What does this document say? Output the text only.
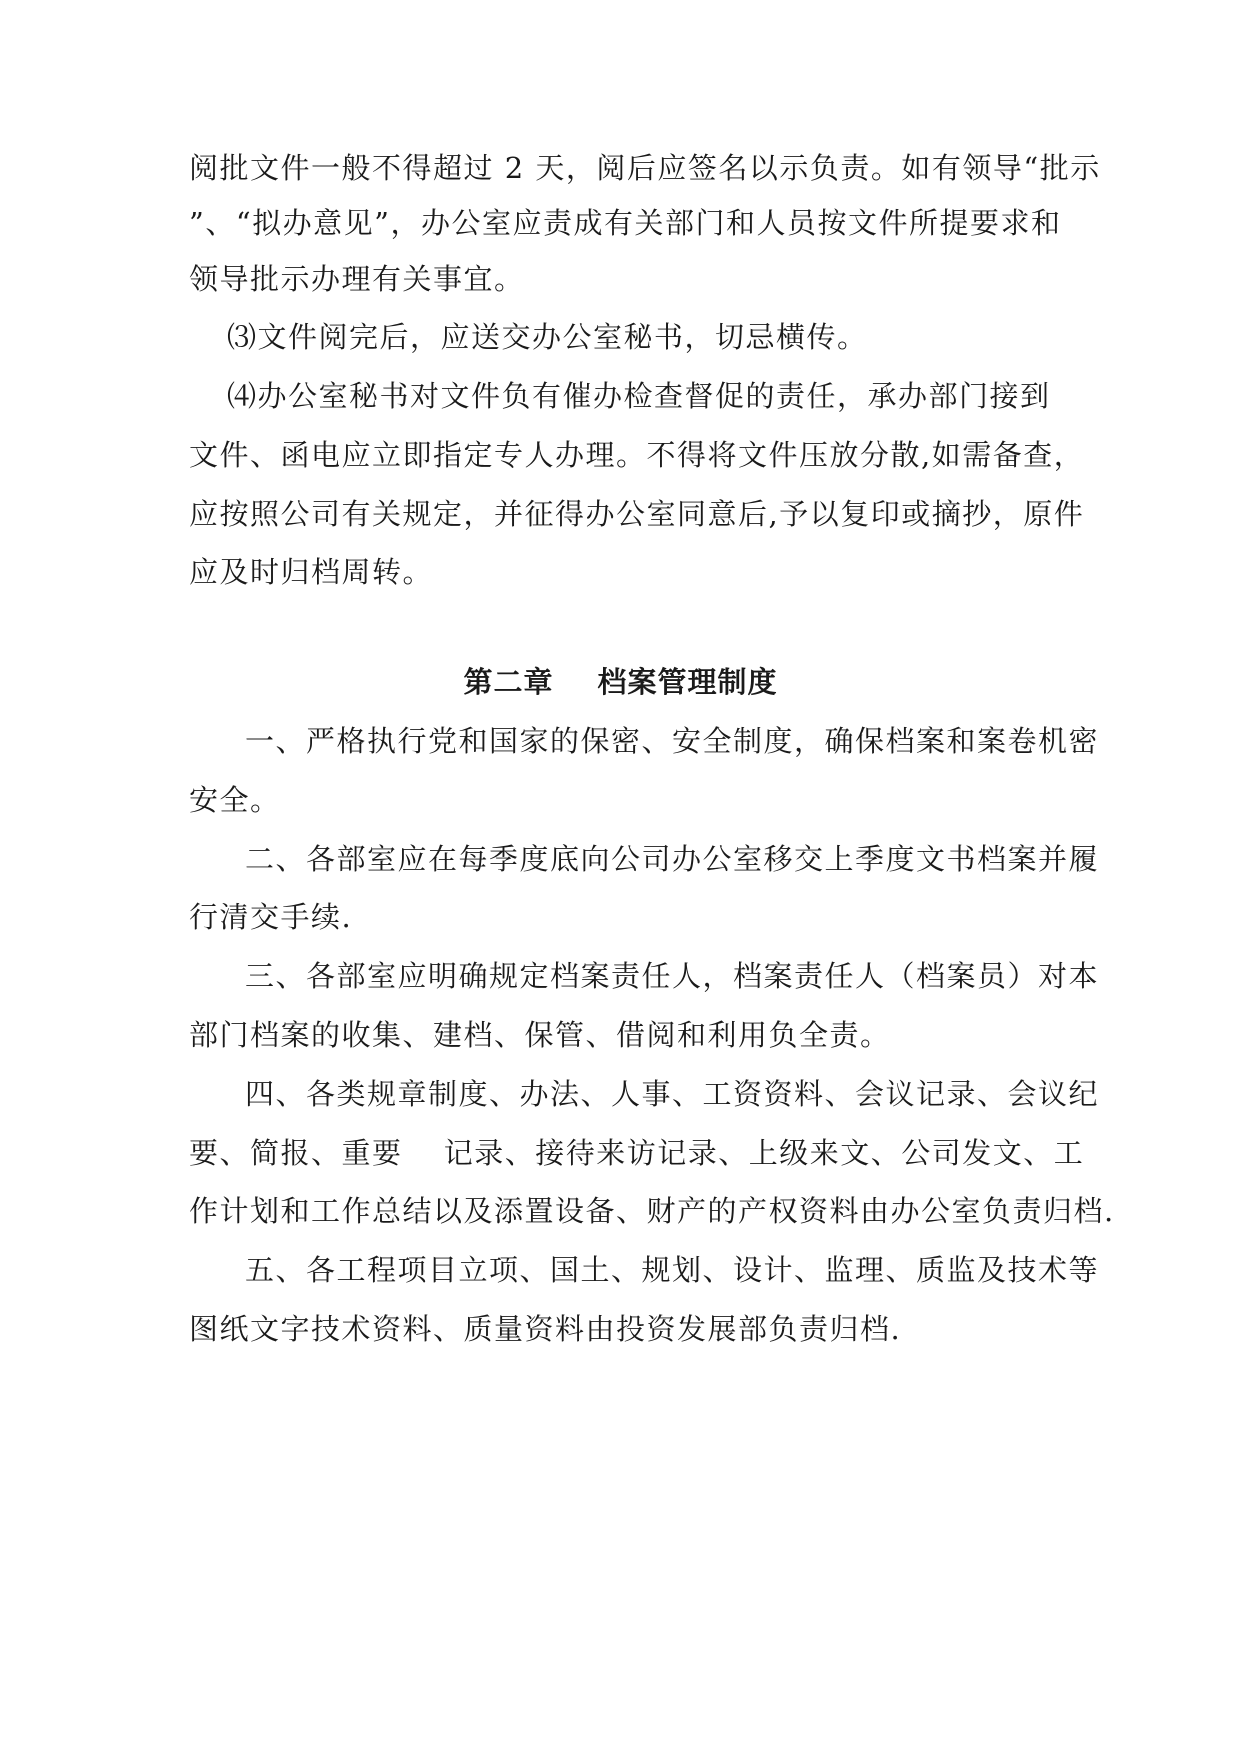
阅批文件一般不得超过 2 天，阅后应签名以示负责。如有领导“批示
”、“拟办意见”，办公室应责成有关部门和人员按文件所提要求和
领导批示办理有关事宜。
⑶文件阅完后，应送交办公室秘书，切忌横传。
⑷办公室秘书对文件负有催办检查督促的责任，承办部门接到
文件、函电应立即指定专人办理。不得将文件压放分散,如需备查，
应按照公司有关规定，并征得办公室同意后,予以复印或摘抄，原件
应及时归档周转。
第二章 档案管理制度
一、严格执行党和国家的保密、安全制度，确保档案和案卷机密
安全。
二、各部室应在每季度底向公司办公室移交上季度文书档案并履
行清交手续.
三、各部室应明确规定档案责任人，档案责任人（档案员）对本
部门档案的收集、建档、保管、借阅和利用负全责。
四、各类规章制度、办法、人事、工资资料、会议记录、会议纪
要、简报、重要　 记录、接待来访记录、上级来文、公司发文、工
作计划和工作总结以及添置设备、财产的产权资料由办公室负责归档.
五、各工程项目立项、国土、规划、设计、监理、质监及技术等
图纸文字技术资料、质量资料由投资发展部负责归档.
